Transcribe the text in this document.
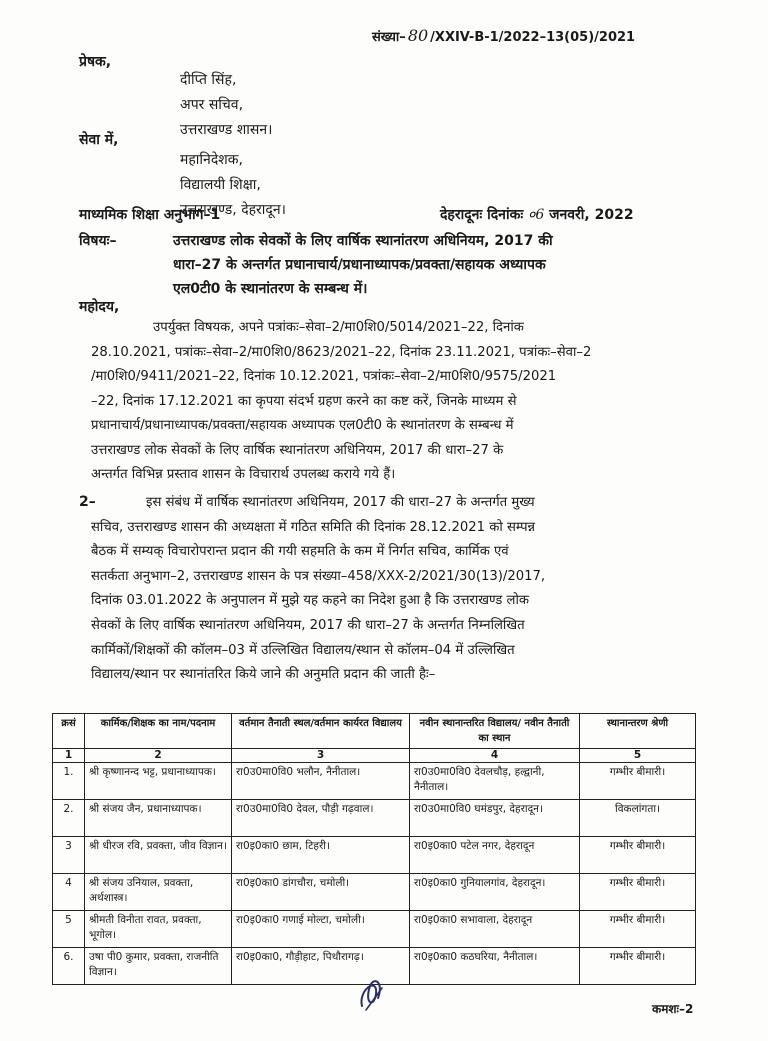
संख्या– 80 /XXIV-B-1/2022–13(05)/2021
प्रेषक,
दीप्ति सिंह,
अपर सचिव,
उत्तराखण्ड शासन।
सेवा में,
महानिदेशक,
विद्यालयी शिक्षा,
उत्तराखण्ड, देहरादून।
माध्यमिक शिक्षा अनुभाग–1	देहरादूनः दिनांकः ०6 जनवरी, 2022
विषयः–	उत्तराखण्ड लोक सेवकों के लिए वार्षिक स्थानांतरण अधिनियम, 2017 की
धारा–27 के अन्तर्गत प्रधानाचार्य/प्रधानाध्यापक/प्रवक्ता/सहायक अध्यापक
एल0टी0 के स्थानांतरण के सम्बन्ध में।
महोदय,
उपर्युक्त विषयक, अपने पत्रांकः–सेवा–2/मा0शि0/5014/2021–22, दिनांक
28.10.2021, पत्रांकः–सेवा–2/मा0शि0/8623/2021–22, दिनांक 23.11.2021, पत्रांकः–सेवा–2
/मा0शि0/9411/2021–22, दिनांक 10.12.2021, पत्रांकः–सेवा–2/मा0शि0/9575/2021
–22, दिनांक 17.12.2021 का कृपया संदर्भ ग्रहण करने का कष्ट करें, जिनके माध्यम से
प्रधानाचार्य/प्रधानाध्यापक/प्रवक्ता/सहायक अध्यापक एल0टी0 के स्थानांतरण के सम्बन्ध में
उत्तराखण्ड लोक सेवकों के लिए वार्षिक स्थानांतरण अधिनियम, 2017 की धारा–27 के
अन्तर्गत विभिन्न प्रस्ताव शासन के विचारार्थ उपलब्ध कराये गये हैं।
2–	इस संबंध में वार्षिक स्थानांतरण अधिनियम, 2017 की धारा–27 के अन्तर्गत मुख्य
सचिव, उत्तराखण्ड शासन की अध्यक्षता में गठित समिति की दिनांक 28.12.2021 को सम्पन्न
बैठक में सम्यक् विचारोपरान्त प्रदान की गयी सहमति के कम में निर्गत सचिव, कार्मिक एवं
सतर्कता अनुभाग–2, उत्तराखण्ड शासन के पत्र संख्या–458/XXX-2/2021/30(13)/2017,
दिनांक 03.01.2022 के अनुपालन में मुझे यह कहने का निदेश हुआ है कि उत्तराखण्ड लोक
सेवकों के लिए वार्षिक स्थानांतरण अधिनियम, 2017 की धारा–27 के अन्तर्गत निम्नलिखित
कार्मिकों/शिक्षकों की कॉलम–03 में उल्लिखित विद्यालय/स्थान से कॉलम–04 में उल्लिखित
विद्यालय/स्थान पर स्थानांतरित किये जाने की अनुमति प्रदान की जाती हैः–
क्रसं	कार्मिक/शिक्षक का नाम/पदनाम	वर्तमान तैनाती स्थल/वर्तमान कार्यरत विद्यालय	नवीन स्थानान्तरित विद्यालय/ नवीन तैनाती का स्थान	स्थानान्तरण श्रेणी
1	2	3	4	5
1.	श्री कृष्णानन्द भट्ट, प्रधानाध्यापक।	रा0उ0मा0वि0 भलौन, नैनीताल।	रा0उ0मा0वि0 देवलचौड़, हल्द्वानी, नैनीताल।	गम्भीर बीमारी।
2.	श्री संजय जैन, प्रधानाध्यापक।	रा0उ0मा0वि0 देवल, पौड़ी गढ़वाल।	रा0उ0मा0वि0 घमंडपुर, देहरादून।	विकलांगता।
3	श्री धीरज रवि, प्रवक्ता, जीव विज्ञान।	रा0इ0का0 छाम, टिहरी।	रा0इ0का0 पटेल नगर, देहरादून	गम्भीर बीमारी।
4	श्री संजय उनियाल, प्रवक्ता, अर्थशास्त्र।	रा0इ0का0 डांगचौरा, चमोली।	रा0इ0का0 गुनियालगांव, देहरादून।	गम्भीर बीमारी।
5	श्रीमती विनीता रावत, प्रवक्ता, भूगोल।	रा0इ0का0 गणाई मोल्टा, चमोली।	रा0इ0का0 सभावाला, देहरादून	गम्भीर बीमारी।
6.	उषा पी0 कुमार, प्रवक्ता, राजनीति विज्ञान।	रा0इ0का0, गौड़ीहाट, पिथौरागढ़।	रा0इ0का0 कठघरिया, नैनीताल।	गम्भीर बीमारी।
कमशः–2
